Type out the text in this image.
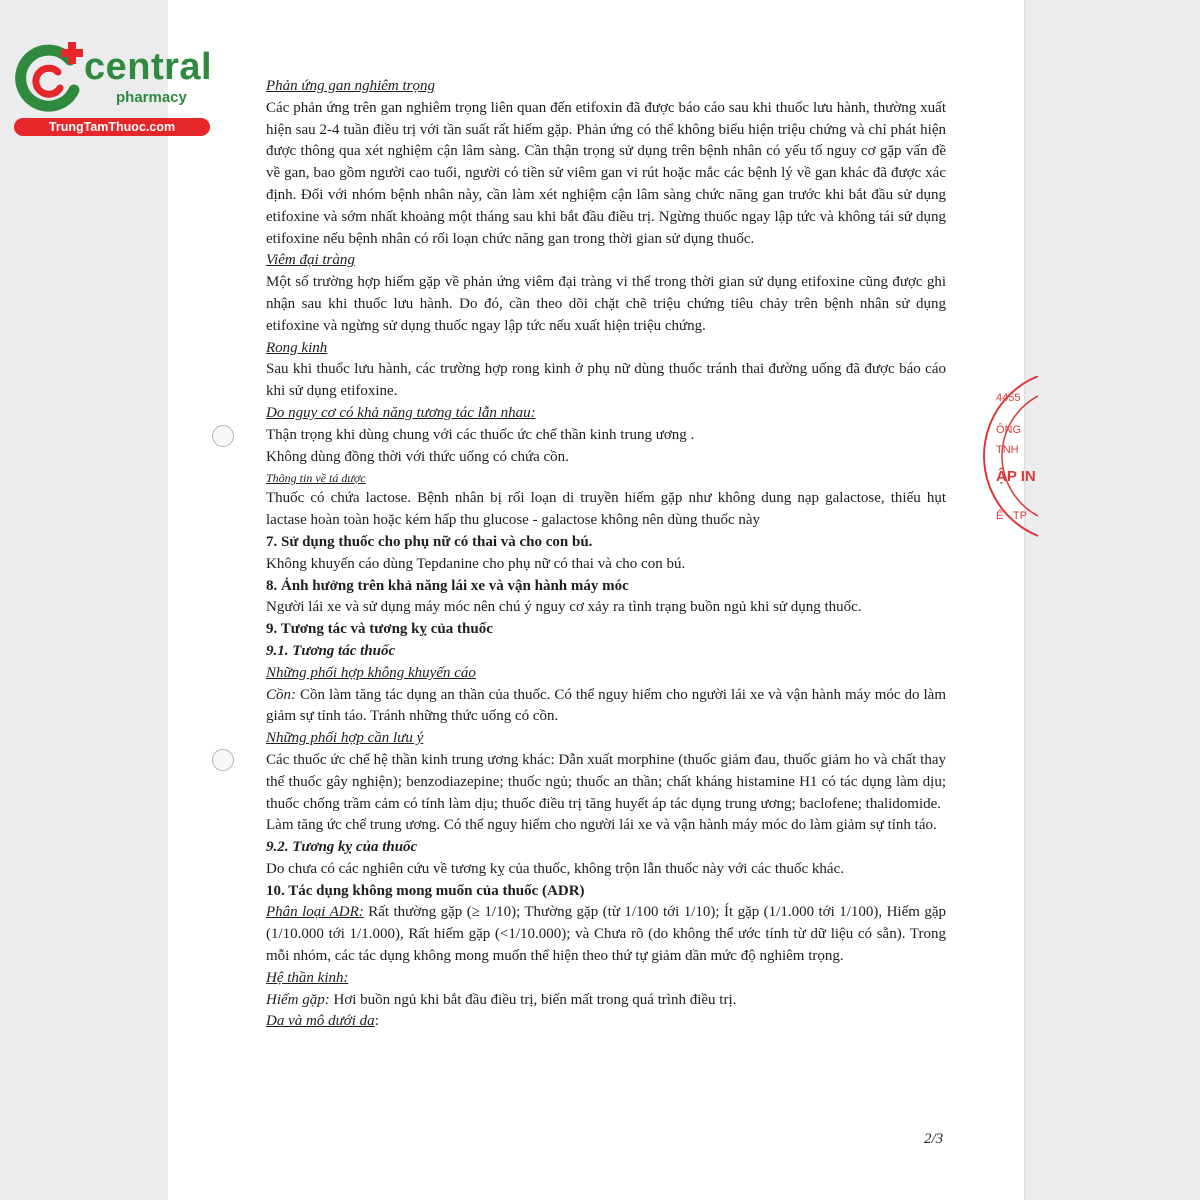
central
pharmacy
TrungTamThuoc.com
4455
ÔNG
TNH
ẬP IN
Ê - TP

Phản ứng gan nghiêm trọng

Các phản ứng trên gan nghiêm trọng liên quan đến etifoxin đã được báo cáo sau khi thuốc lưu hành, thường xuất hiện sau 2-4 tuần điều trị với tần suất rất hiếm gặp. Phản ứng có thể không biểu hiện triệu chứng và chỉ phát hiện được thông qua xét nghiệm cận lâm sàng. Cần thận trọng sử dụng trên bệnh nhân có yếu tố nguy cơ gặp vấn đề về gan, bao gồm người cao tuổi, người có tiền sử viêm gan vi rút hoặc mắc các bệnh lý về gan khác đã được xác định. Đối với nhóm bệnh nhân này, cần làm xét nghiệm cận lâm sàng chức năng gan trước khi bắt đầu sử dụng etifoxine và sớm nhất khoảng một tháng sau khi bắt đầu điều trị. Ngừng thuốc ngay lập tức và không tái sử dụng etifoxine nếu bệnh nhân có rối loạn chức năng gan trong thời gian sử dụng thuốc.

Viêm đại tràng

Một số trường hợp hiếm gặp về phản ứng viêm đại tràng vi thể trong thời gian sử dụng etifoxine cũng được ghi nhận sau khi thuốc lưu hành. Do đó, cần theo dõi chặt chẽ triệu chứng tiêu chảy trên bệnh nhân sử dụng etifoxine và ngừng sử dụng thuốc ngay lập tức nếu xuất hiện triệu chứng.

Rong kinh

Sau khi thuốc lưu hành, các trường hợp rong kinh ở phụ nữ dùng thuốc tránh thai đường uống đã được báo cáo khi sử dụng etifoxine.

Do nguy cơ có khả năng tương tác lẫn nhau:

Thận trọng khi dùng chung với các thuốc ức chế thần kinh trung ương .

Không dùng đồng thời với thức uống có chứa cồn.

Thông tin về tá dược

Thuốc có chứa lactose. Bệnh nhân bị rối loạn di truyền hiếm gặp như không dung nạp galactose, thiếu hụt lactase hoàn toàn hoặc kém hấp thu glucose - galactose không nên dùng thuốc này

7. Sử dụng thuốc cho phụ nữ có thai và cho con bú.

Không khuyến cáo dùng Tepdanine cho phụ nữ có thai và cho con bú.

8. Ảnh hưởng trên khả năng lái xe và vận hành máy móc

Người lái xe và sử dụng máy móc nên chú ý nguy cơ xảy ra tình trạng buồn ngủ khi sử dụng thuốc.

9. Tương tác và tương kỵ của thuốc

9.1. Tương tác thuốc

Những phối hợp không khuyến cáo

Cồn: Cồn làm tăng tác dụng an thần của thuốc. Có thể nguy hiểm cho người lái xe và vận hành máy móc do làm giảm sự tỉnh táo. Tránh những thức uống có cồn.

Những phối hợp cần lưu ý

Các thuốc ức chế hệ thần kinh trung ương khác: Dẫn xuất morphine (thuốc giảm đau, thuốc giảm ho và chất thay thế thuốc gây nghiện); benzodiazepine; thuốc ngủ; thuốc an thần; chất kháng histamine H1 có tác dụng làm dịu; thuốc chống trầm cảm có tính làm dịu; thuốc điều trị tăng huyết áp tác dụng trung ương; baclofene; thalidomide.

Làm tăng ức chế trung ương. Có thể nguy hiểm cho người lái xe và vận hành máy móc do làm giảm sự tỉnh táo.

9.2. Tương kỵ của thuốc

Do chưa có các nghiên cứu về tương kỵ của thuốc, không trộn lẫn thuốc này với các thuốc khác.

10. Tác dụng không mong muốn của thuốc (ADR)

Phân loại ADR: Rất thường gặp (≥ 1/10); Thường gặp (từ 1/100 tới 1/10); Ít gặp (1/1.000 tới 1/100), Hiếm gặp (1/10.000 tới 1/1.000), Rất hiếm gặp (<1/10.000); và Chưa rõ (do không thể ước tính từ dữ liệu có sẵn). Trong mỗi nhóm, các tác dụng không mong muốn thể hiện theo thứ tự giảm dần mức độ nghiêm trọng.

Hệ thần kinh:

Hiếm gặp: Hơi buồn ngủ khi bắt đầu điều trị, biến mất trong quá trình điều trị.

Da và mô dưới da:

2/3
